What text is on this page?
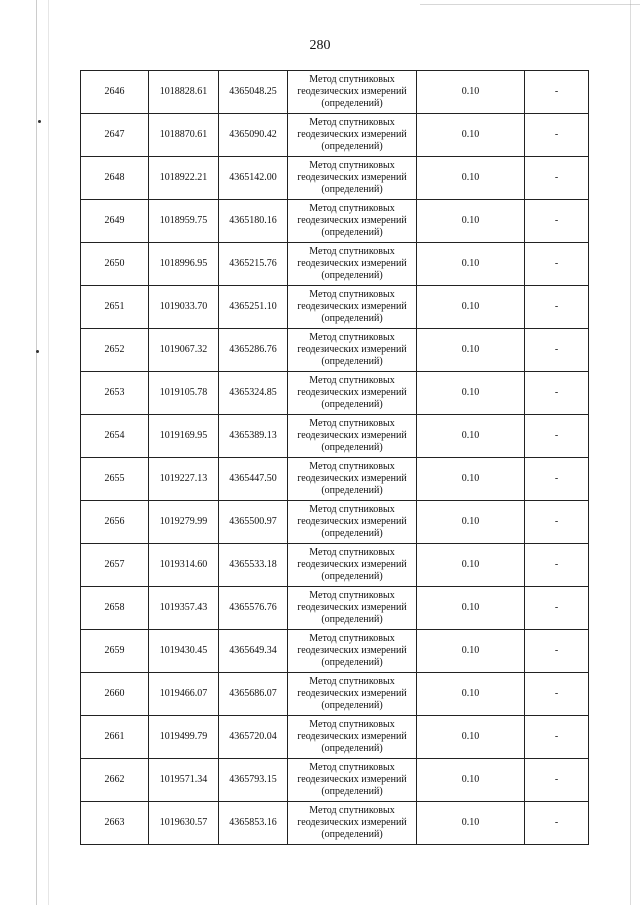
280
2646	1018828.61	4365048.25	Метод спутниковых
геодезических измерений
(определений)	0.10	-
2647	1018870.61	4365090.42	Метод спутниковых
геодезических измерений
(определений)	0.10	-
2648	1018922.21	4365142.00	Метод спутниковых
геодезических измерений
(определений)	0.10	-
2649	1018959.75	4365180.16	Метод спутниковых
геодезических измерений
(определений)	0.10	-
2650	1018996.95	4365215.76	Метод спутниковых
геодезических измерений
(определений)	0.10	-
2651	1019033.70	4365251.10	Метод спутниковых
геодезических измерений
(определений)	0.10	-
2652	1019067.32	4365286.76	Метод спутниковых
геодезических измерений
(определений)	0.10	-
2653	1019105.78	4365324.85	Метод спутниковых
геодезических измерений
(определений)	0.10	-
2654	1019169.95	4365389.13	Метод спутниковых
геодезических измерений
(определений)	0.10	-
2655	1019227.13	4365447.50	Метод спутниковых
геодезических измерений
(определений)	0.10	-
2656	1019279.99	4365500.97	Метод спутниковых
геодезических измерений
(определений)	0.10	-
2657	1019314.60	4365533.18	Метод спутниковых
геодезических измерений
(определений)	0.10	-
2658	1019357.43	4365576.76	Метод спутниковых
геодезических измерений
(определений)	0.10	-
2659	1019430.45	4365649.34	Метод спутниковых
геодезических измерений
(определений)	0.10	-
2660	1019466.07	4365686.07	Метод спутниковых
геодезических измерений
(определений)	0.10	-
2661	1019499.79	4365720.04	Метод спутниковых
геодезических измерений
(определений)	0.10	-
2662	1019571.34	4365793.15	Метод спутниковых
геодезических измерений
(определений)	0.10	-
2663	1019630.57	4365853.16	Метод спутниковых
геодезических измерений
(определений)	0.10	-
